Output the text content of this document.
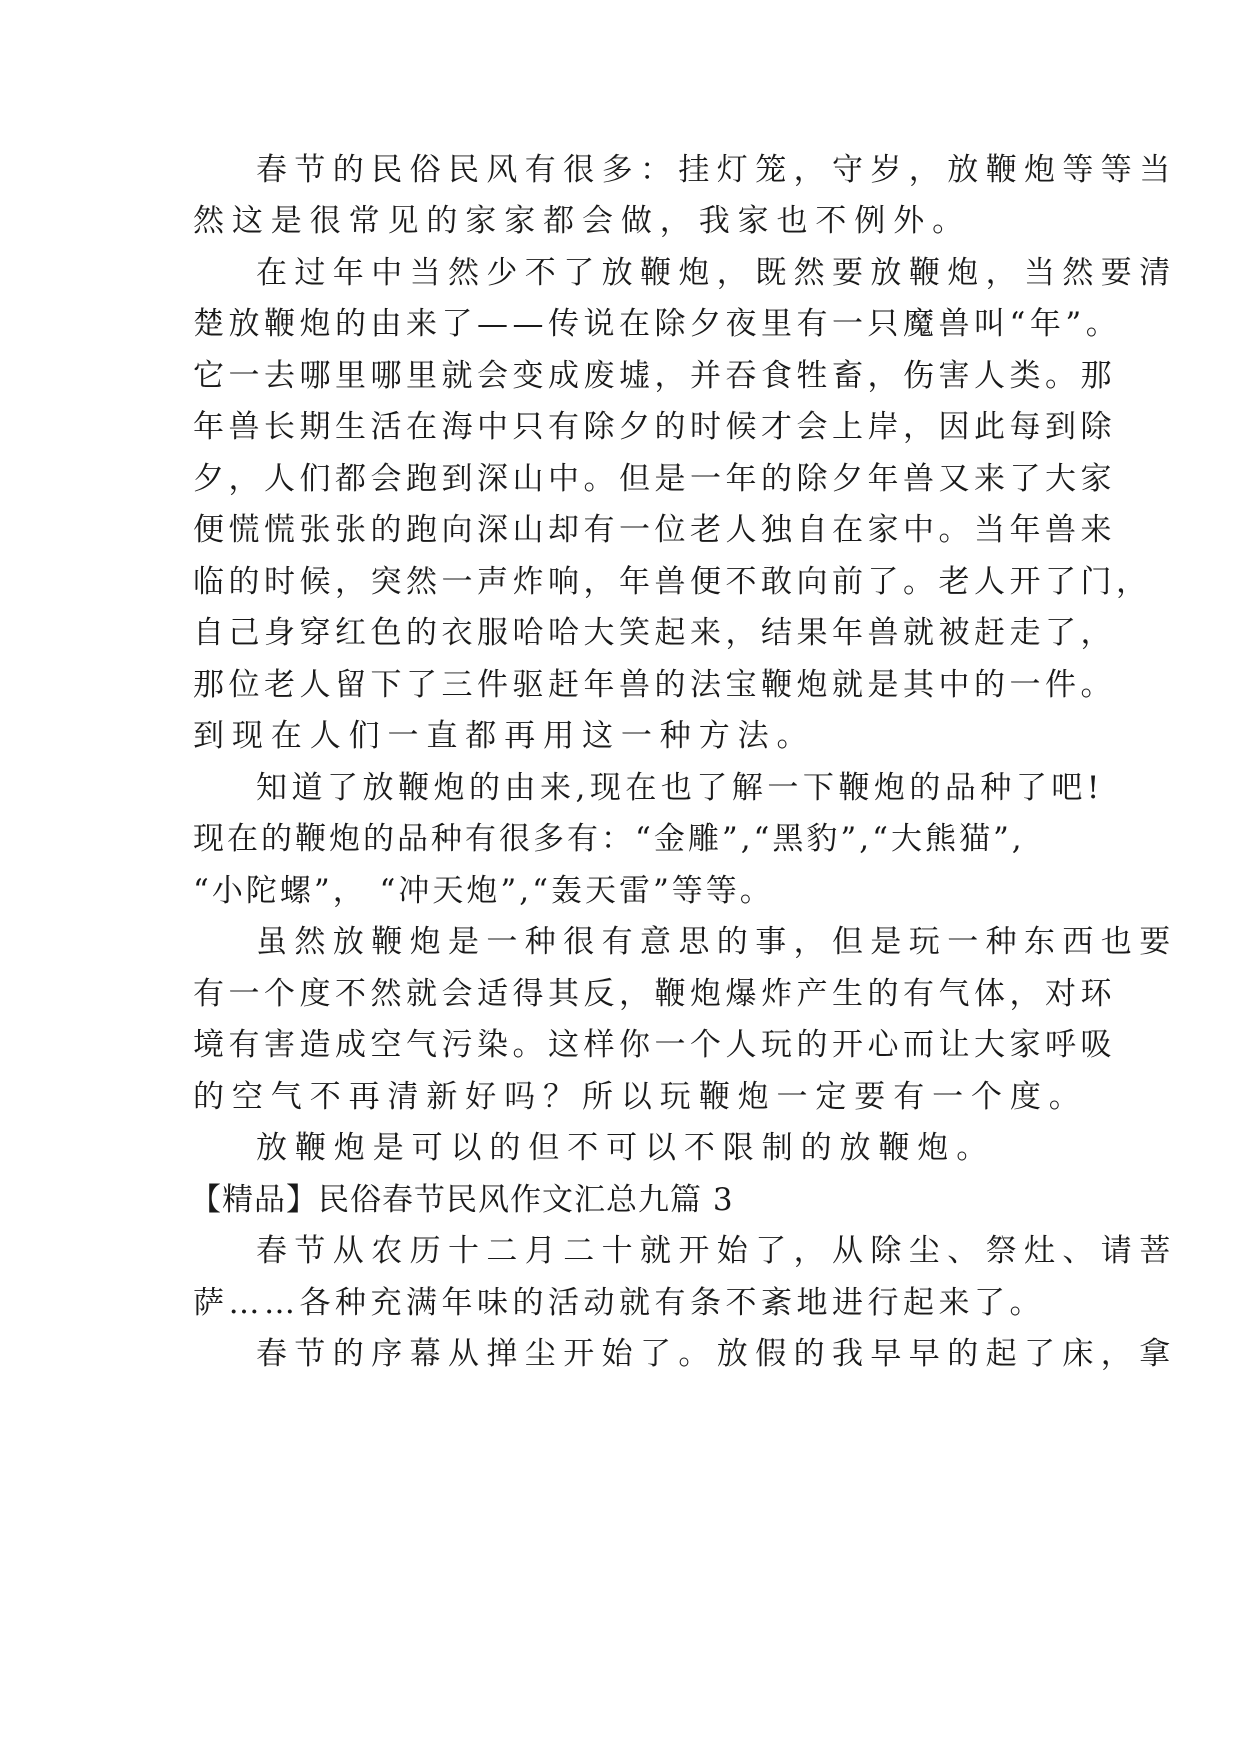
春节的民俗民风有很多：挂灯笼，守岁，放鞭炮等等当
然这是很常见的家家都会做，我家也不例外。
在过年中当然少不了放鞭炮，既然要放鞭炮，当然要清
楚放鞭炮的由来了——传说在除夕夜里有一只魔兽叫“年”。
它一去哪里哪里就会变成废墟，并吞食牲畜，伤害人类。那
年兽长期生活在海中只有除夕的时候才会上岸，因此每到除
夕，人们都会跑到深山中。但是一年的除夕年兽又来了大家
便慌慌张张的跑向深山却有一位老人独自在家中。当年兽来
临的时候，突然一声炸响，年兽便不敢向前了。老人开了门，
自己身穿红色的衣服哈哈大笑起来，结果年兽就被赶走了，
那位老人留下了三件驱赶年兽的法宝鞭炮就是其中的一件。
到现在人们一直都再用这一种方法。
知道了放鞭炮的由来,现在也了解一下鞭炮的品种了吧!
现在的鞭炮的品种有很多有：“金雕”,“黑豹”,“大熊猫”,
“小陀螺”， “冲天炮”,“轰天雷”等等。
虽然放鞭炮是一种很有意思的事，但是玩一种东西也要
有一个度不然就会适得其反，鞭炮爆炸产生的有气体，对环
境有害造成空气污染。这样你一个人玩的开心而让大家呼吸
的空气不再清新好吗？所以玩鞭炮一定要有一个度。
放鞭炮是可以的但不可以不限制的放鞭炮。
【精品】民俗春节民风作文汇总九篇 3
春节从农历十二月二十就开始了，从除尘、祭灶、请菩
萨……各种充满年味的活动就有条不紊地进行起来了。
春节的序幕从掸尘开始了。放假的我早早的起了床，拿
